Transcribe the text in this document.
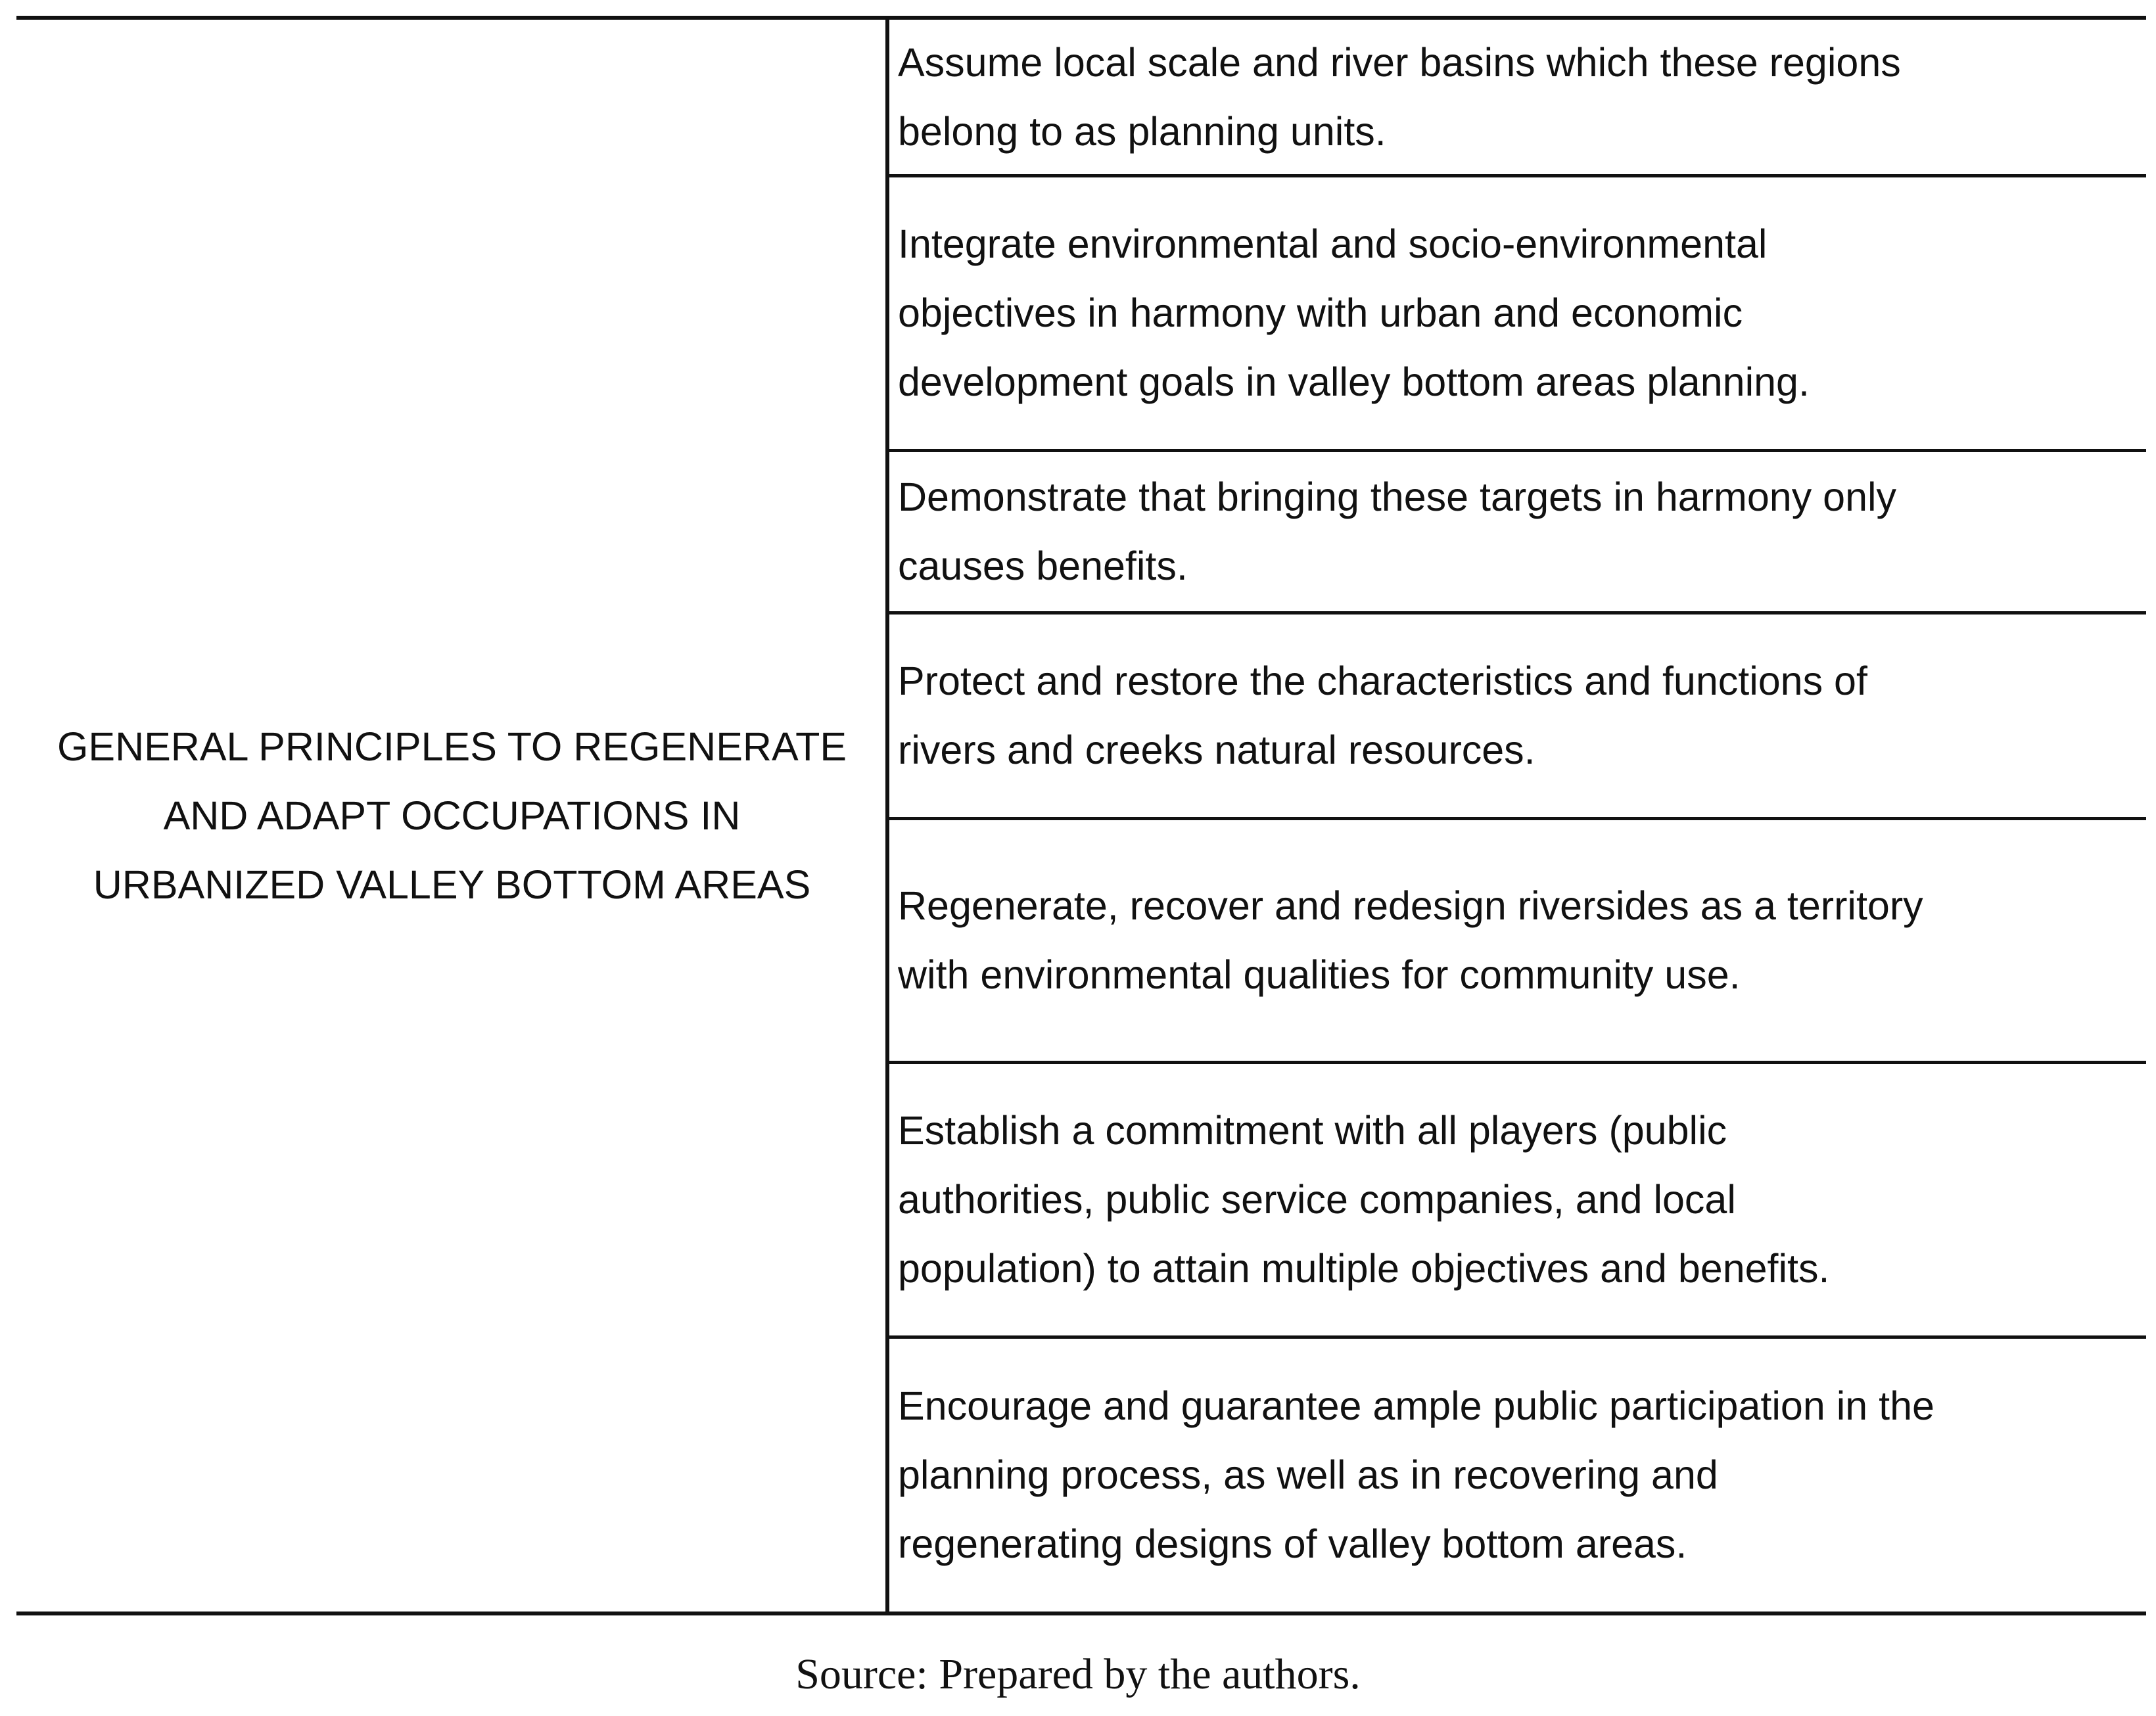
GENERAL PRINCIPLES TO REGENERATE
AND ADAPT OCCUPATIONS IN
URBANIZED VALLEY BOTTOM AREAS
Assume local scale and river basins which these regions
belong to as planning units.
Integrate environmental and socio-environmental
objectives in harmony with urban and economic
development goals in valley bottom areas planning.
Demonstrate that bringing these targets in harmony only
causes benefits.
Protect and restore the characteristics and functions of
rivers and creeks natural resources.
Regenerate, recover and redesign riversides as a territory
with environmental qualities for community use.
Establish a commitment with all players (public
authorities, public service companies, and local
population) to attain multiple objectives and benefits.
Encourage and guarantee ample public participation in the
planning process, as well as in recovering and
regenerating designs of valley bottom areas.
Source: Prepared by the authors.
